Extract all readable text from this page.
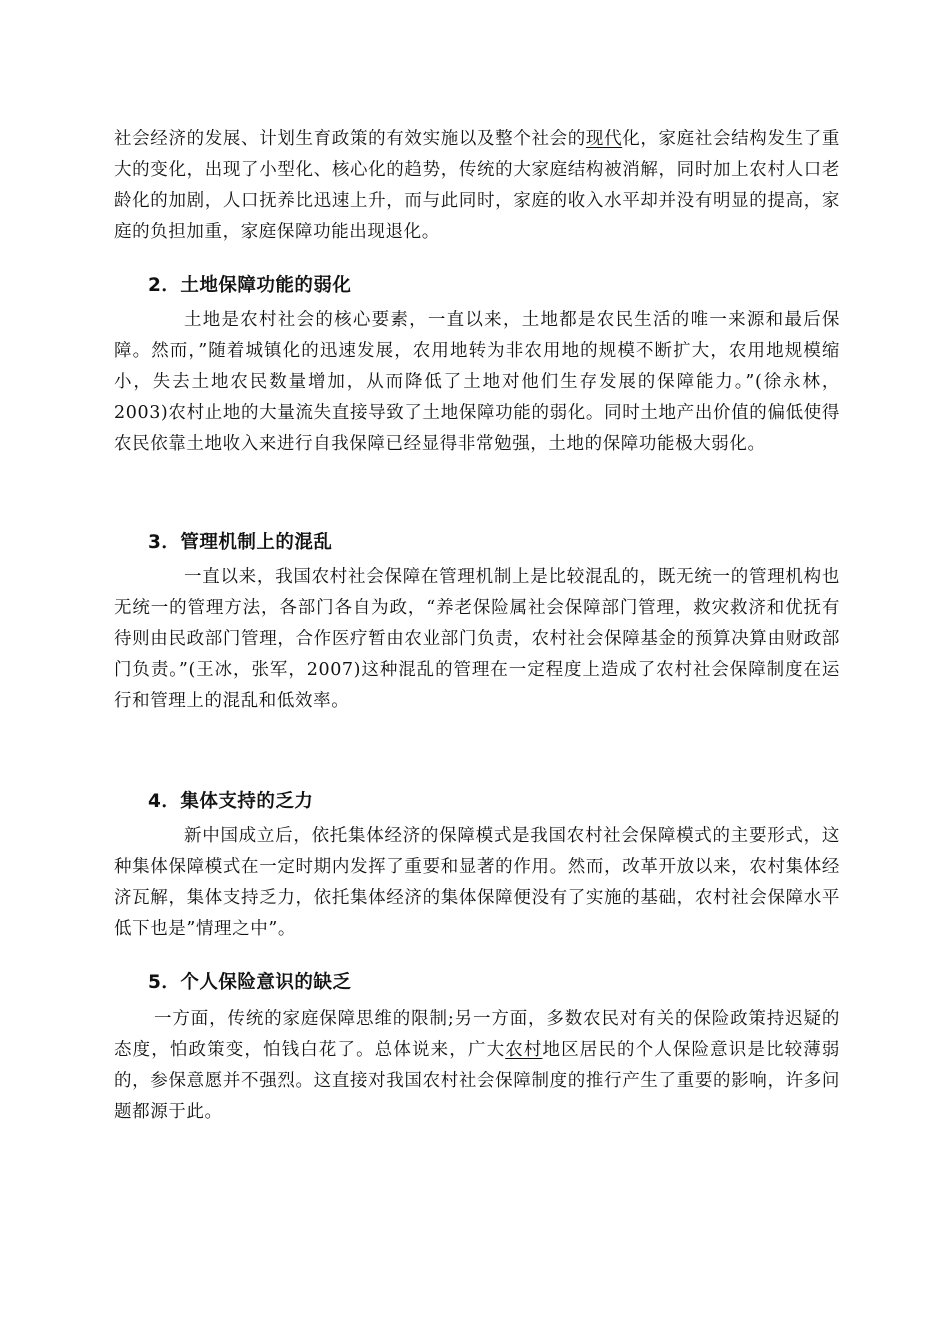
社会经济的发展、计划生育政策的有效实施以及整个社会的现代化，家庭社会结构发生了重大的变化，出现了小型化、核心化的趋势，传统的大家庭结构被消解，同时加上农村人口老龄化的加剧，人口抚养比迅速上升，而与此同时，家庭的收入水平却并没有明显的提高，家庭的负担加重，家庭保障功能出现退化。

2．土地保障功能的弱化

土地是农村社会的核心要素，一直以来，土地都是农民生活的唯一来源和最后保障。然而，”随着城镇化的迅速发展，农用地转为非农用地的规模不断扩大，农用地规模缩小，失去土地农民数量增加，从而降低了土地对他们生存发展的保障能力。”(徐永林，2003)农村止地的大量流失直接导致了土地保障功能的弱化。同时土地产出价值的偏低使得农民依靠土地收入来进行自我保障已经显得非常勉强，土地的保障功能极大弱化。

3．管理机制上的混乱

一直以来，我国农村社会保障在管理机制上是比较混乱的，既无统一的管理机构也无统一的管理方法，各部门各自为政，“养老保险属社会保障部门管理，救灾救济和优抚有待则由民政部门管理，合作医疗暂由农业部门负责，农村社会保障基金的预算决算由财政部门负责。”(王冰，张军，2007)这种混乱的管理在一定程度上造成了农村社会保障制度在运行和管理上的混乱和低效率。

4．集体支持的乏力

新中国成立后，依托集体经济的保障模式是我国农村社会保障模式的主要形式，这种集体保障模式在一定时期内发挥了重要和显著的作用。然而，改革开放以来，农村集体经济瓦解，集体支持乏力，依托集体经济的集体保障便没有了实施的基础，农村社会保障水平低下也是”情理之中”。

5．个人保险意识的缺乏

一方面，传统的家庭保障思维的限制;另一方面，多数农民对有关的保险政策持迟疑的态度，怕政策变，怕钱白花了。总体说来，广大农村地区居民的个人保险意识是比较薄弱的，参保意愿并不强烈。这直接对我国农村社会保障制度的推行产生了重要的影响，许多问题都源于此。
